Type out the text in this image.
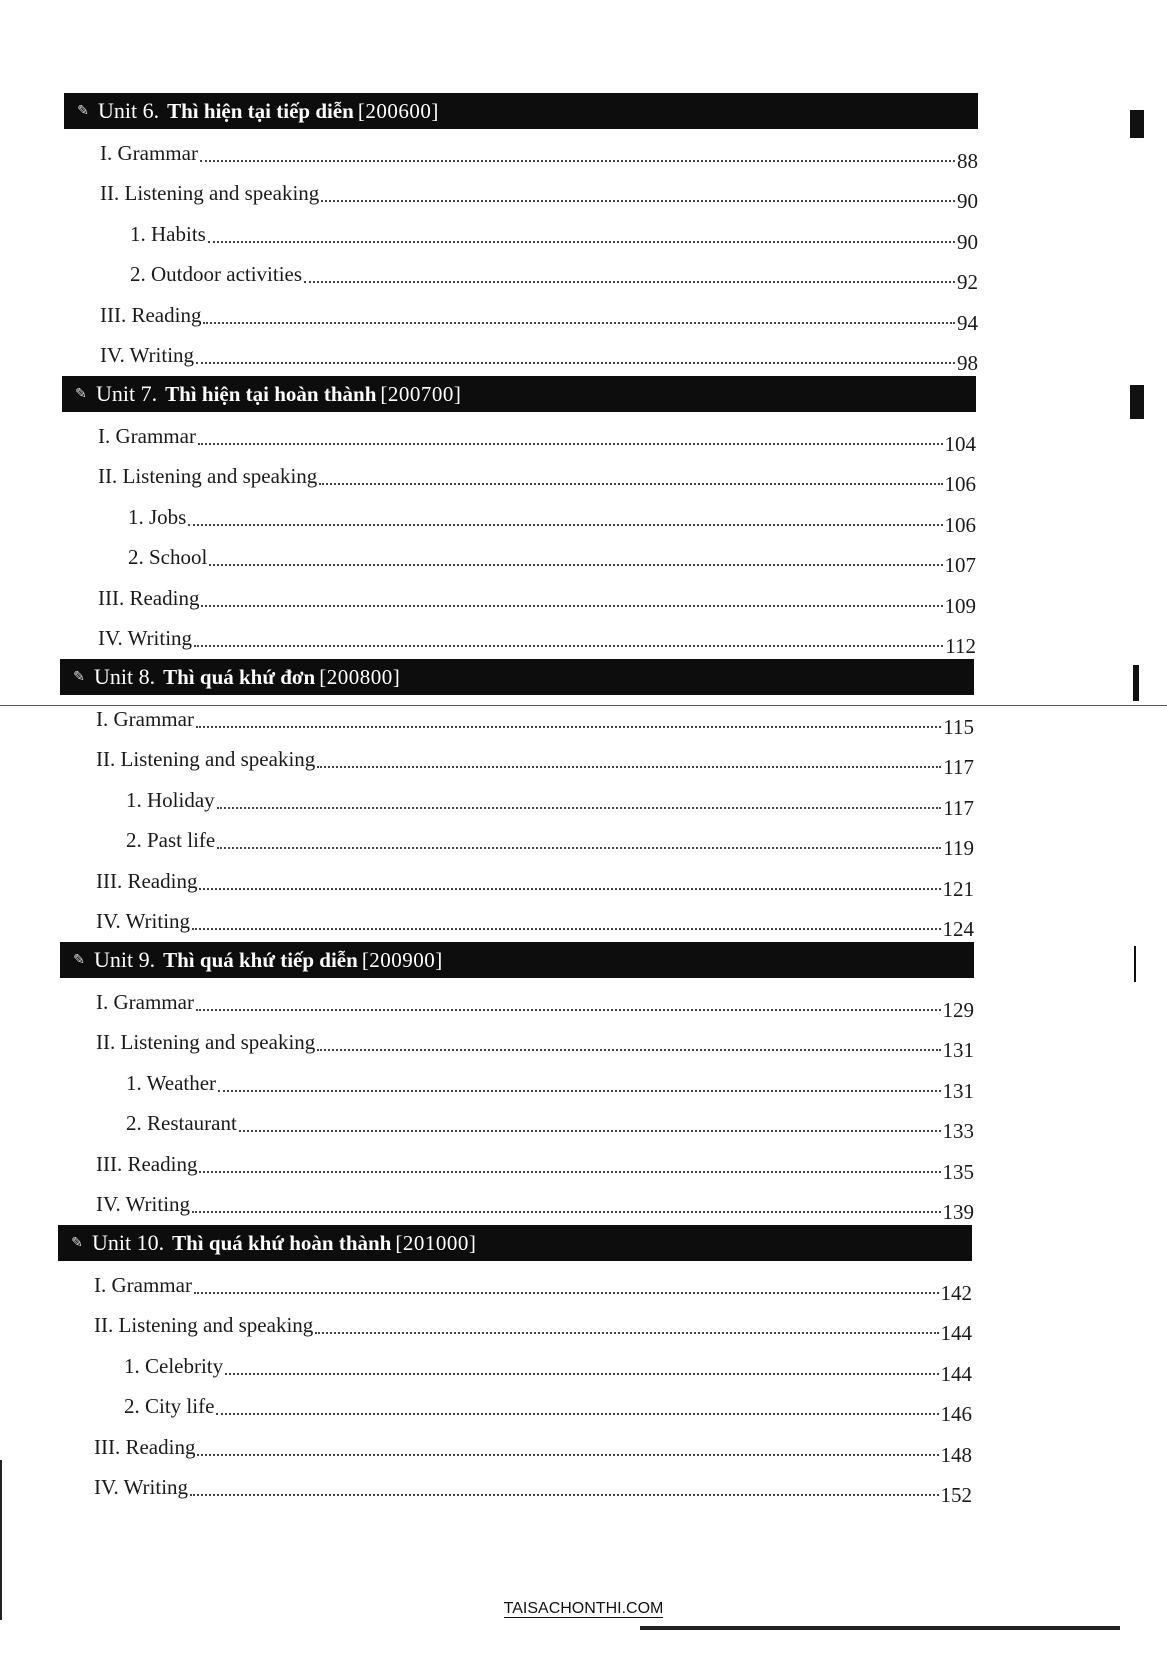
✎ Unit 6. Thì hiện tại tiếp diễn [200600]
I. Grammar	88
II. Listening and speaking	90
1. Habits	90
2. Outdoor activities	92
III. Reading	94
IV. Writing	98
✎ Unit 7. Thì hiện tại hoàn thành [200700]
I. Grammar	104
II. Listening and speaking	106
1. Jobs	106
2. School	107
III. Reading	109
IV. Writing	112
✎ Unit 8. Thì quá khứ đơn [200800]
I. Grammar	115
II. Listening and speaking	117
1. Holiday	117
2. Past life	119
III. Reading	121
IV. Writing	124
✎ Unit 9. Thì quá khứ tiếp diễn [200900]
I. Grammar	129
II. Listening and speaking	131
1. Weather	131
2. Restaurant	133
III. Reading	135
IV. Writing	139
✎ Unit 10. Thì quá khứ hoàn thành [201000]
I. Grammar	142
II. Listening and speaking	144
1. Celebrity	144
2. City life	146
III. Reading	148
IV. Writing	152
TAISACHONTHI.COM
